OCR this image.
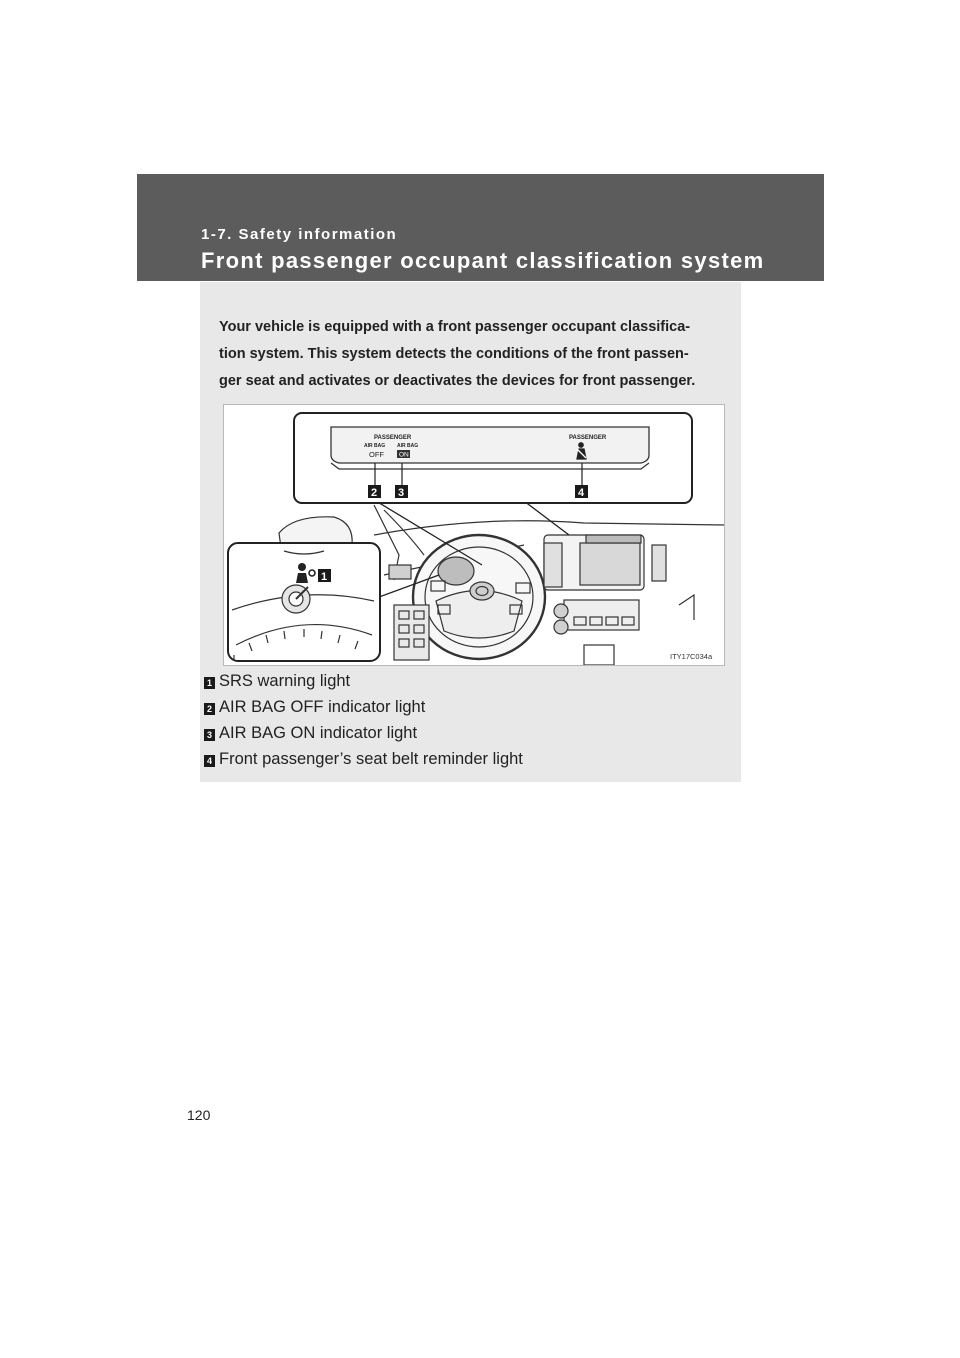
1-7. Safety information
Front passenger occupant classification system

Your vehicle is equipped with a front passenger occupant classifica-
tion system. This system detects the conditions of the front passen-
ger seat and activates or deactivates the devices for front passenger.

PASSENGER
AIR BAG
OFF
AIR BAG
ON
PASSENGER
2 3	4
1
ITY17C034a
1 SRS warning light
2 AIR BAG OFF indicator light
3 AIR BAG ON indicator light
4 Front passenger’s seat belt reminder light
120
